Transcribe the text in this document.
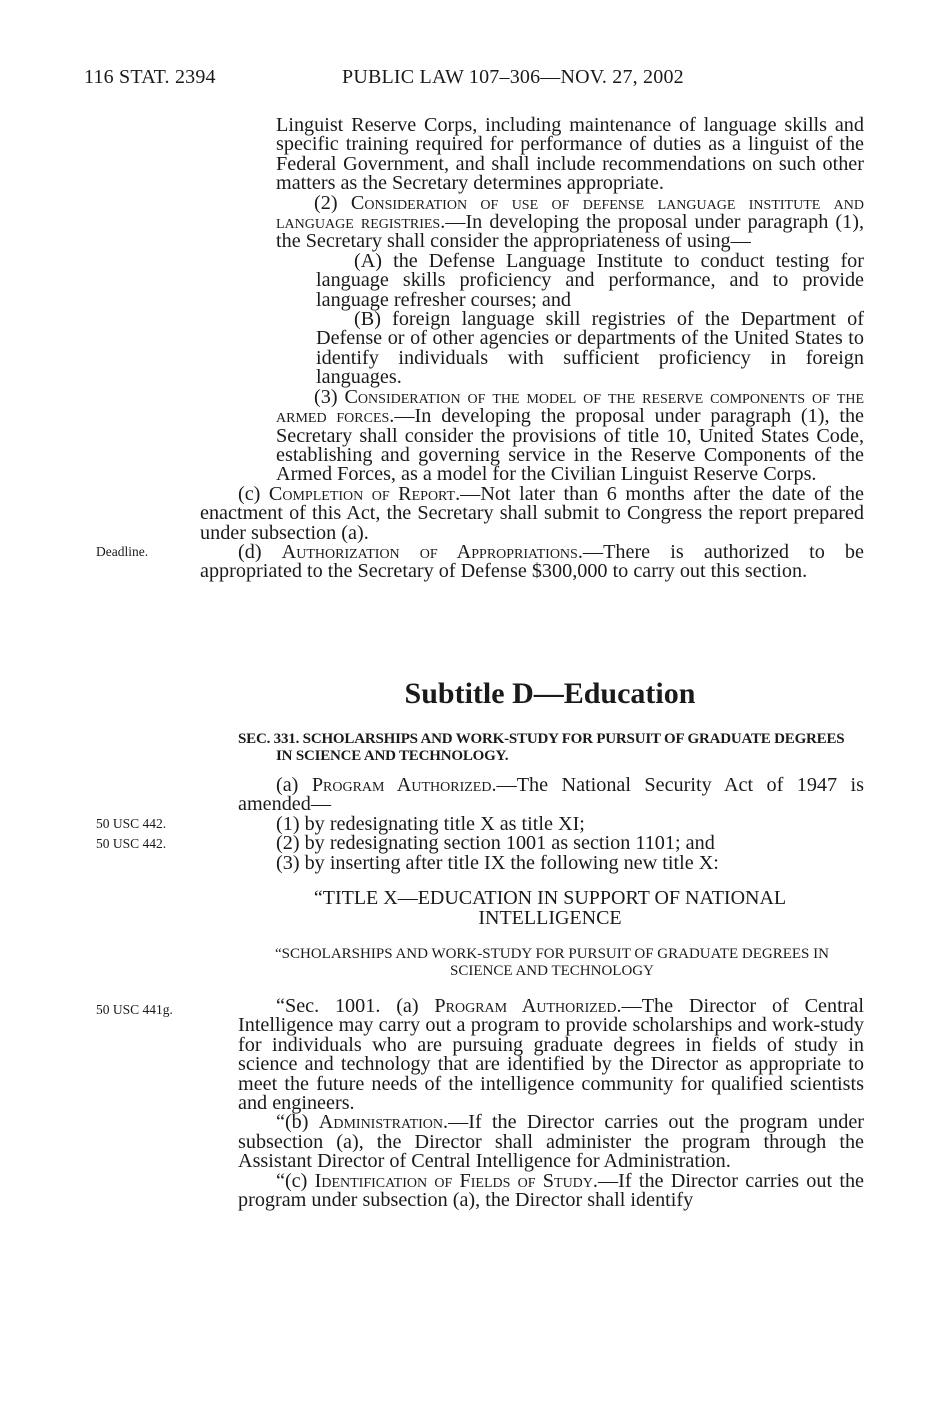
116 STAT. 2394	PUBLIC LAW 107–306—NOV. 27, 2002
Deadline.
50 USC 442.
50 USC 442.
50 USC 441g.

Linguist Reserve Corps, including maintenance of language skills and specific training required for performance of duties as a linguist of the Federal Government, and shall include recommendations on such other matters as the Secretary determines appropriate.

(2) Consideration of use of defense language institute and language registries.—In developing the proposal under paragraph (1), the Secretary shall consider the appropriateness of using—

(A) the Defense Language Institute to conduct testing for language skills proficiency and performance, and to provide language refresher courses; and

(B) foreign language skill registries of the Department of Defense or of other agencies or departments of the United States to identify individuals with sufficient proficiency in foreign languages.

(3) Consideration of the model of the reserve components of the armed forces.—In developing the proposal under paragraph (1), the Secretary shall consider the provisions of title 10, United States Code, establishing and governing service in the Reserve Components of the Armed Forces, as a model for the Civilian Linguist Reserve Corps.

(c) Completion of Report.—Not later than 6 months after the date of the enactment of this Act, the Secretary shall submit to Congress the report prepared under subsection (a).

(d) Authorization of Appropriations.—There is authorized to be appropriated to the Secretary of Defense $300,000 to carry out this section.

Subtitle D—Education
SEC. 331. SCHOLARSHIPS AND WORK-STUDY FOR PURSUIT OF GRADUATE DEGREES IN SCIENCE AND TECHNOLOGY.

(a) Program Authorized.—The National Security Act of 1947 is amended—

(1) by redesignating title X as title XI;

(2) by redesignating section 1001 as section 1101; and

(3) by inserting after title IX the following new title X:

“TITLE X—EDUCATION IN SUPPORT OF NATIONAL INTELLIGENCE
“SCHOLARSHIPS AND WORK-STUDY FOR PURSUIT OF GRADUATE DEGREES IN SCIENCE AND TECHNOLOGY

“Sec. 1001. (a) Program Authorized.—The Director of Central Intelligence may carry out a program to provide scholarships and work-study for individuals who are pursuing graduate degrees in fields of study in science and technology that are identified by the Director as appropriate to meet the future needs of the intelligence community for qualified scientists and engineers.

“(b) Administration.—If the Director carries out the program under subsection (a), the Director shall administer the program through the Assistant Director of Central Intelligence for Administration.

“(c) Identification of Fields of Study.—If the Director carries out the program under subsection (a), the Director shall identify
